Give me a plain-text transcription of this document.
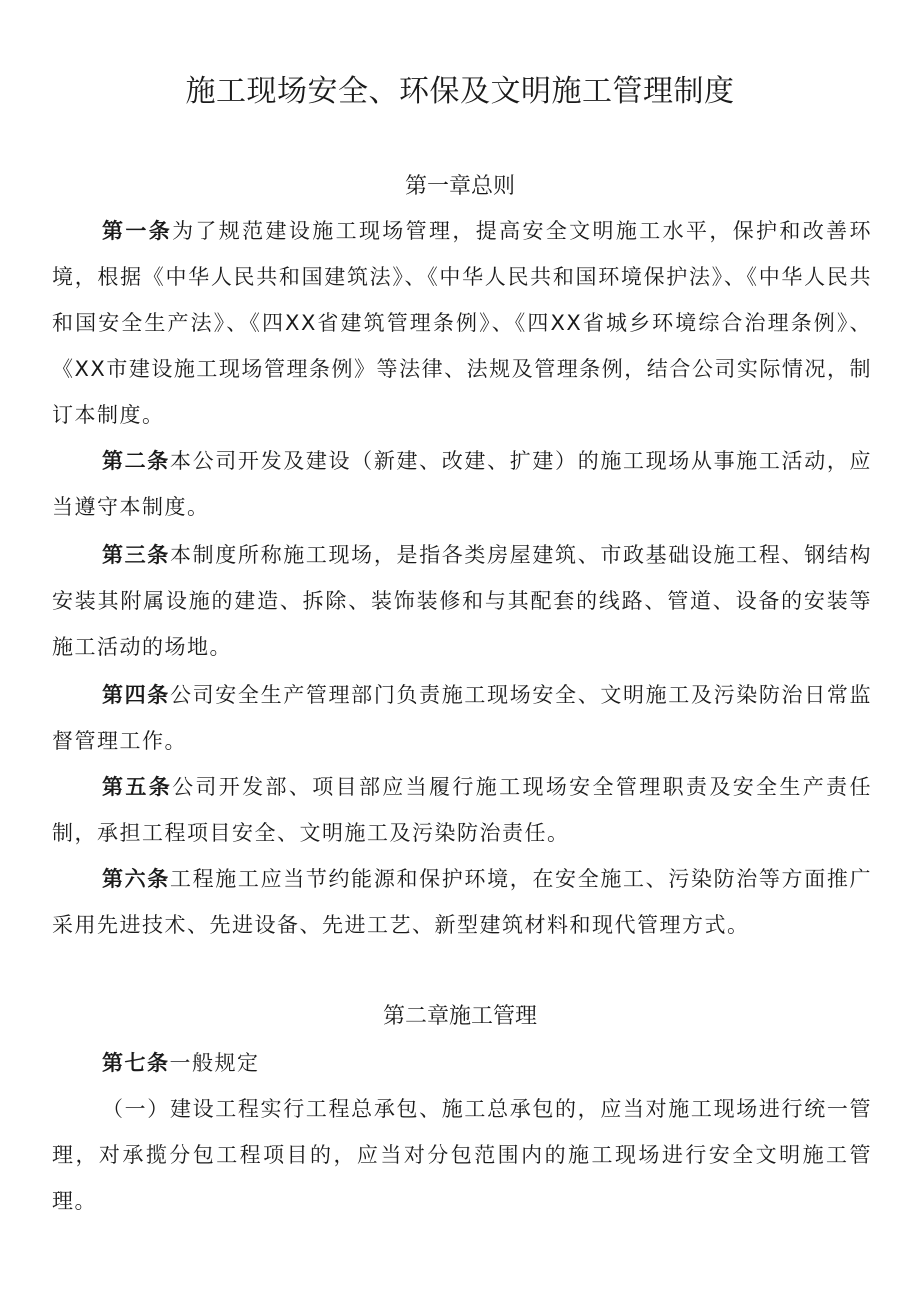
施工现场安全、环保及文明施工管理制度
第一章总则

第一条为了规范建设施工现场管理，提高安全文明施工水平，保护和改善环境，根据《中华人民共和国建筑法》、《中华人民共和国环境保护法》、《中华人民共和国安全生产法》、《四XX省建筑管理条例》、《四XX省城乡环境综合治理条例》、《XX市建设施工现场管理条例》等法律、法规及管理条例，结合公司实际情况，制订本制度。

第二条本公司开发及建设（新建、改建、扩建）的施工现场从事施工活动，应当遵守本制度。

第三条本制度所称施工现场，是指各类房屋建筑、市政基础设施工程、钢结构安装其附属设施的建造、拆除、装饰装修和与其配套的线路、管道、设备的安装等施工活动的场地。

第四条公司安全生产管理部门负责施工现场安全、文明施工及污染防治日常监督管理工作。

第五条公司开发部、项目部应当履行施工现场安全管理职责及安全生产责任制，承担工程项目安全、文明施工及污染防治责任。

第六条工程施工应当节约能源和保护环境，在安全施工、污染防治等方面推广采用先进技术、先进设备、先进工艺、新型建筑材料和现代管理方式。

第二章施工管理

第七条一般规定

（一）建设工程实行工程总承包、施工总承包的，应当对施工现场进行统一管理，对承揽分包工程项目的，应当对分包范围内的施工现场进行安全文明施工管理。
